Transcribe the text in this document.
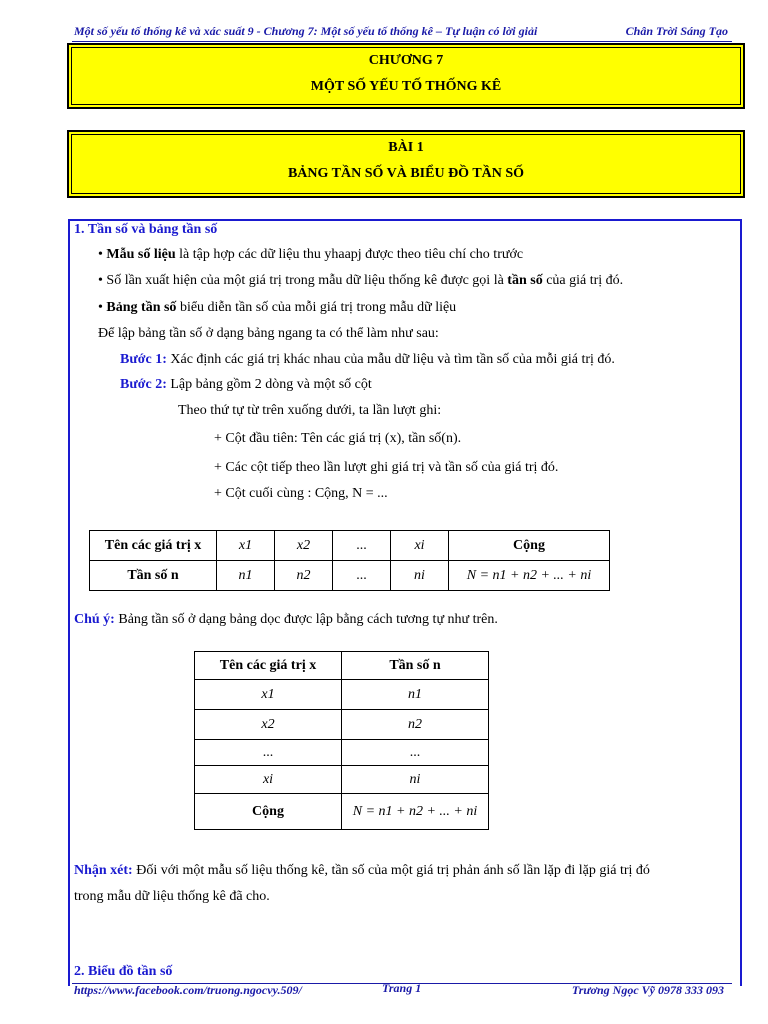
Một số yếu tố thống kê và xác suất 9 - Chương 7: Một số yếu tố thống kê – Tự luận có lời giải	Chân Trời Sáng Tạo
CHƯƠNG 7
MỘT SỐ YẾU TỐ THỐNG KÊ
BÀI 1
BẢNG TẦN SỐ VÀ BIỂU ĐỒ TẦN SỐ
1. Tần số và bảng tần số
• Mẫu số liệu là tập hợp các dữ liệu thu yhaapj được theo tiêu chí cho trước
• Số lần xuất hiện của một giá trị trong mẫu dữ liệu thống kê được gọi là tần số của giá trị đó.
• Bảng tần số biểu diễn tần số của mỗi giá trị trong mẫu dữ liệu
Để lập bảng tần số ở dạng bảng ngang ta có thể làm như sau:
Bước 1: Xác định các giá trị khác nhau của mẫu dữ liệu và tìm tần số của mỗi giá trị đó.
Bước 2: Lập bảng gồm 2 dòng và một số cột
Theo thứ tự từ trên xuống dưới, ta lần lượt ghi:
+ Cột đầu tiên: Tên các giá trị (x), tần số(n).
+ Các cột tiếp theo lần lượt ghi giá trị và tần số của giá trị đó.
+ Cột cuối cùng : Cộng, N = ...
Tên các giá trị x	x1	x2	...	xi	Cộng
Tần số n	n1	n2	...	ni	N = n1 + n2 + ... + ni
Chú ý: Bảng tần số ở dạng bảng dọc được lập bằng cách tương tự như trên.
Tên các giá trị x	Tần số n
x1	n1
x2	n2
...	...
xi	ni
Cộng	N = n1 + n2 + ... + ni
Nhận xét: Đối với một mẫu số liệu thống kê, tần số của một giá trị phản ánh số lần lặp đi lặp giá trị đó
trong mẫu dữ liệu thống kê đã cho.
2. Biểu đồ tần số
https://www.facebook.com/truong.ngocvy.509/	Trang 1	Trương Ngọc Vỹ 0978 333 093
